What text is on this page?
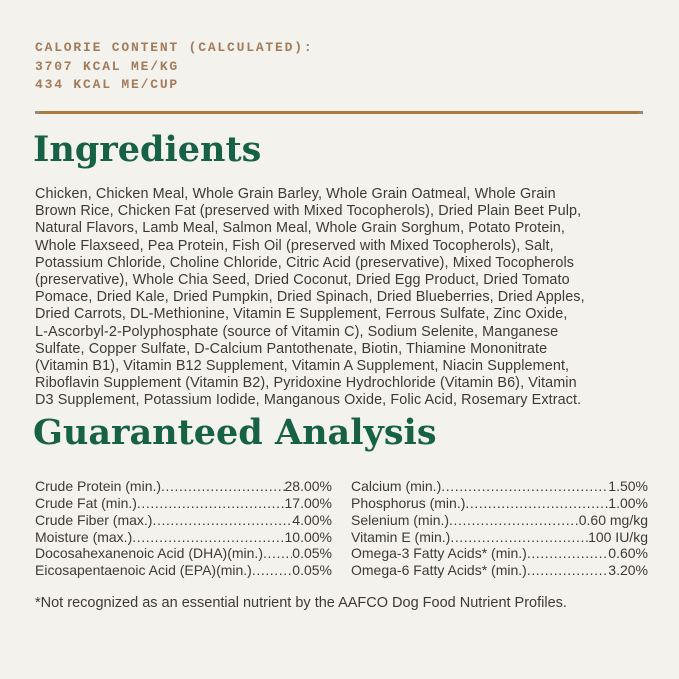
CALORIE CONTENT (CALCULATED):
3707 KCAL ME/KG
434 KCAL ME/CUP
Ingredients
Chicken, Chicken Meal, Whole Grain Barley, Whole Grain Oatmeal, Whole Grain
Brown Rice, Chicken Fat (preserved with Mixed Tocopherols), Dried Plain Beet Pulp,
Natural Flavors, Lamb Meal, Salmon Meal, Whole Grain Sorghum, Potato Protein,
Whole Flaxseed, Pea Protein, Fish Oil (preserved with Mixed Tocopherols), Salt,
Potassium Chloride, Choline Chloride, Citric Acid (preservative), Mixed Tocopherols
(preservative), Whole Chia Seed, Dried Coconut, Dried Egg Product, Dried Tomato
Pomace, Dried Kale, Dried Pumpkin, Dried Spinach, Dried Blueberries, Dried Apples,
Dried Carrots, DL-Methionine, Vitamin E Supplement, Ferrous Sulfate, Zinc Oxide,
L-Ascorbyl-2-Polyphosphate (source of Vitamin C), Sodium Selenite, Manganese
Sulfate, Copper Sulfate, D-Calcium Pantothenate, Biotin, Thiamine Mononitrate
(Vitamin B1), Vitamin B12 Supplement, Vitamin A Supplement, Niacin Supplement,
Riboflavin Supplement (Vitamin B2), Pyridoxine Hydrochloride (Vitamin B6), Vitamin
D3 Supplement, Potassium Iodide, Manganous Oxide, Folic Acid, Rosemary Extract.
Guaranteed Analysis
Crude Protein (min.) .....	28.00%
Crude Fat (min.) .....	17.00%
Crude Fiber (max.) .....	4.00%
Moisture (max.) .....	10.00%
Docosahexanenoic Acid (DHA)(min.) ..... 0.05%
Eicosapentaenoic Acid (EPA)(min.) .....	0.05%
Calcium (min.) .....	1.50%
Phosphorus (min.) .....	1.00%
Selenium (min.) .....	0.60 mg/kg
Vitamin E (min.) .....	100 IU/kg
Omega-3 Fatty Acids* (min.) .....	0.60%
Omega-6 Fatty Acids* (min.) .....	3.20%
*Not recognized as an essential nutrient by the AAFCO Dog Food Nutrient Profiles.
